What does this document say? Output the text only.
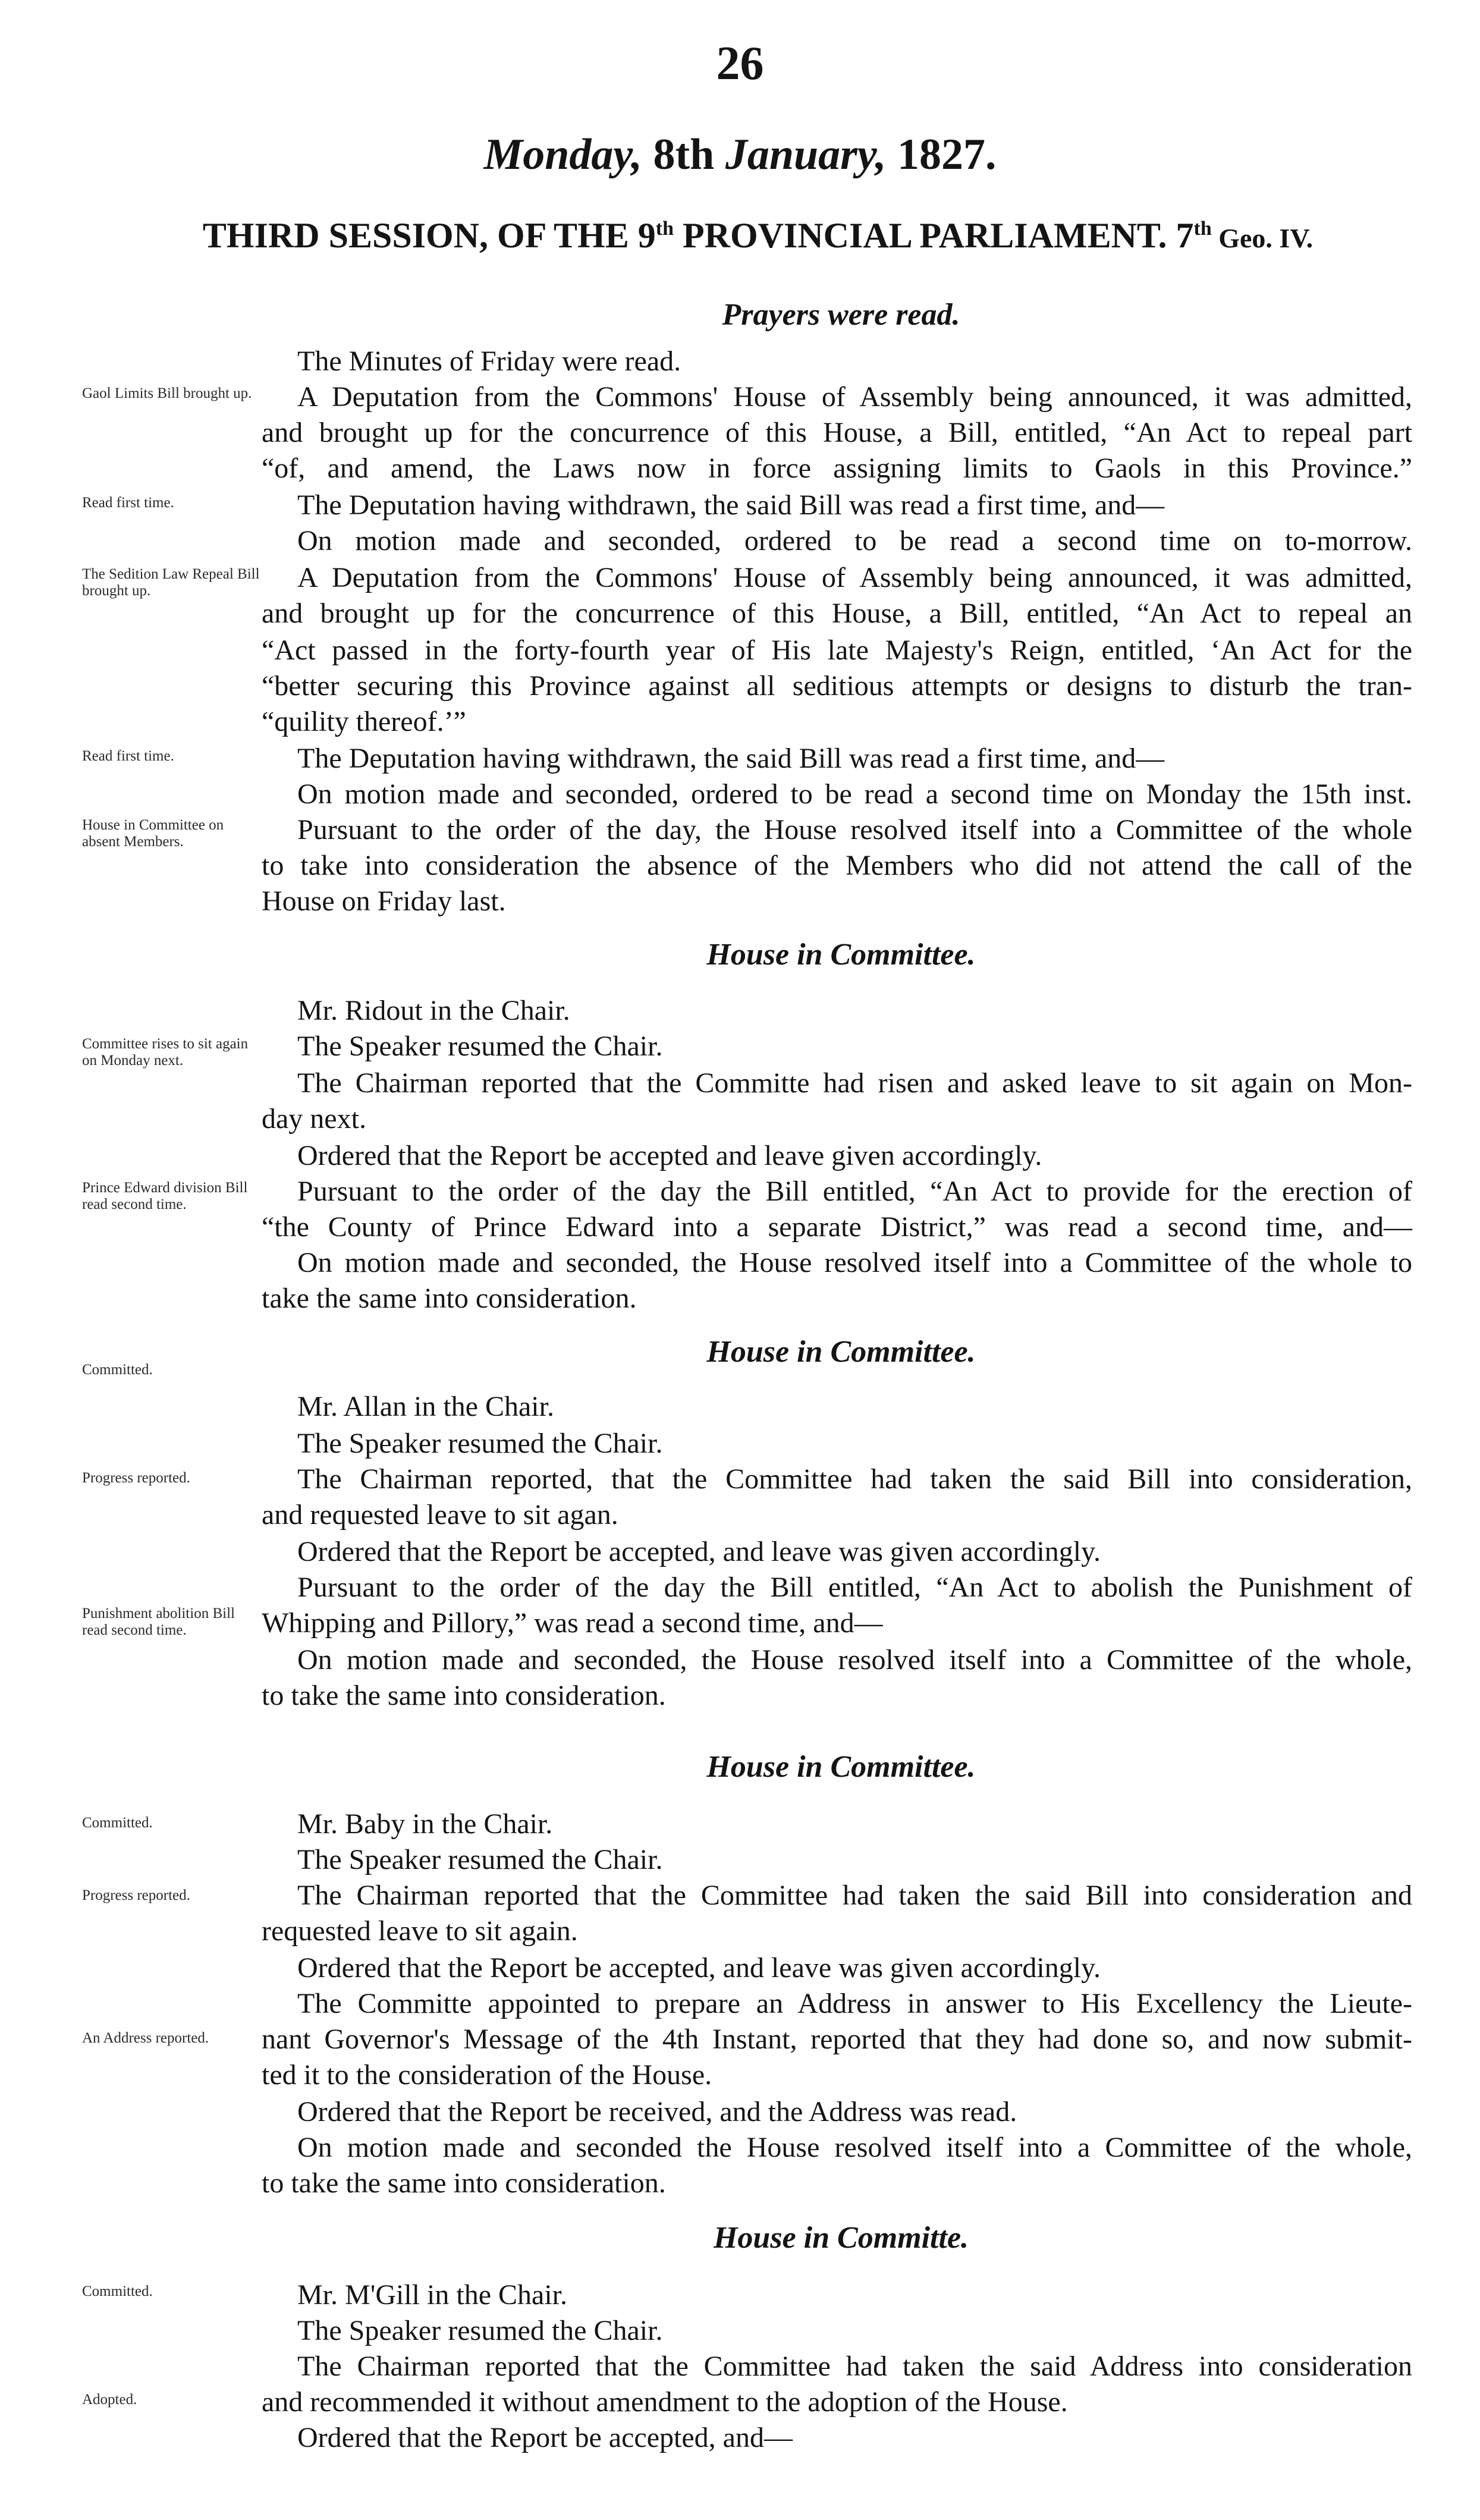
26
Monday, 8th January, 1827.
THIRD SESSION, OF THE 9th PROVINCIAL PARLIAMENT. 7th Geo. IV.
Prayers were read.
The Minutes of Friday were read.
A Deputation from the Commons' House of Assembly being announced, it was admitted,
and brought up for the concurrence of this House, a Bill, entitled, “An Act to repeal part
“of, and amend, the Laws now in force assigning limits to Gaols in this Province.”
The Deputation having withdrawn, the said Bill was read a first time, and—
On motion made and seconded, ordered to be read a second time on to-morrow.
A Deputation from the Commons' House of Assembly being announced, it was admitted,
and brought up for the concurrence of this House, a Bill, entitled, “An Act to repeal an
“Act passed in the forty-fourth year of His late Majesty's Reign, entitled, ‘An Act for the
“better securing this Province against all seditious attempts or designs to disturb the tran-
“quility thereof.’”
The Deputation having withdrawn, the said Bill was read a first time, and—
On motion made and seconded, ordered to be read a second time on Monday the 15th inst.
Pursuant to the order of the day, the House resolved itself into a Committee of the whole
to take into consideration the absence of the Members who did not attend the call of the
House on Friday last.
Gaol Limits Bill brought up.
Read first time.
The Sedition Law Repeal Bill brought up.
Read first time.
House in Committee on absent Members.
House in Committee.
Mr. Ridout in the Chair.
The Speaker resumed the Chair.
The Chairman reported that the Committe had risen and asked leave to sit again on Mon-
day next.
Ordered that the Report be accepted and leave given accordingly.
Pursuant to the order of the day the Bill entitled, “An Act to provide for the erection of
“the County of Prince Edward into a separate District,” was read a second time, and—
On motion made and seconded, the House resolved itself into a Committee of the whole to
take the same into consideration.
Committee rises to sit again on Monday next.
Prince Edward division Bill read second time.
House in Committee.
Mr. Allan in the Chair.
The Speaker resumed the Chair.
The Chairman reported, that the Committee had taken the said Bill into consideration,
and requested leave to sit agan.
Ordered that the Report be accepted, and leave was given accordingly.
Pursuant to the order of the day the Bill entitled, “An Act to abolish the Punishment of
Whipping and Pillory,” was read a second time, and—
On motion made and seconded, the House resolved itself into a Committee of the whole,
to take the same into consideration.
Committed.
Progress reported.
Punishment abolition Bill read second time.
House in Committee.
Mr. Baby in the Chair.
The Speaker resumed the Chair.
The Chairman reported that the Committee had taken the said Bill into consideration and
requested leave to sit again.
Ordered that the Report be accepted, and leave was given accordingly.
The Committe appointed to prepare an Address in answer to His Excellency the Lieute-
nant Governor's Message of the 4th Instant, reported that they had done so, and now submit-
ted it to the consideration of the House.
Ordered that the Report be received, and the Address was read.
On motion made and seconded the House resolved itself into a Committee of the whole,
to take the same into consideration.
Committed.
Progress reported.
An Address reported.
House in Committe.
Mr. M'Gill in the Chair.
The Speaker resumed the Chair.
The Chairman reported that the Committee had taken the said Address into consideration
and recommended it without amendment to the adoption of the House.
Ordered that the Report be accepted, and—
Committed.
Adopted.
